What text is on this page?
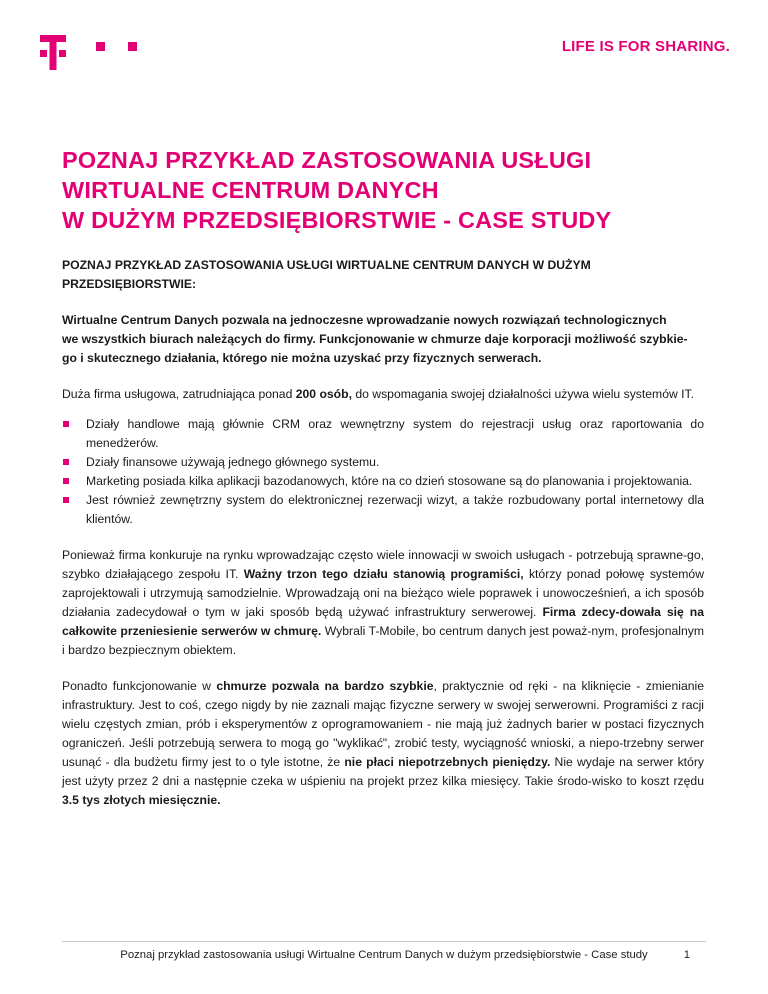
LIFE IS FOR SHARING.
POZNAJ PRZYKŁAD ZASTOSOWANIA USŁUGI
WIRTUALNE CENTRUM DANYCH
W DUŻYM PRZEDSIĘBIORSTWIE - CASE STUDY
POZNAJ PRZYKŁAD ZASTOSOWANIA USŁUGI WIRTUALNE CENTRUM DANYCH W DUŻYM
PRZEDSIĘBIORSTWIE:
Wirtualne Centrum Danych pozwala na jednoczesne wprowadzanie nowych rozwiązań technologicznych
we wszystkich biurach należących do firmy. Funkcjonowanie w chmurze daje korporacji możliwość szybkie-
go i skutecznego działania, którego nie można uzyskać przy fizycznych serwerach.

Duża firma usługowa, zatrudniająca ponad 200 osób, do wspomagania swojej działalności używa wielu systemów IT.

Działy handlowe mają głównie CRM oraz wewnętrzny system do rejestracji usług oraz raportowania do menedżerów.
Działy finansowe używają jednego głównego systemu.
Marketing posiada kilka aplikacji bazodanowych, które na co dzień stosowane są do planowania i projektowania.
Jest również zewnętrzny system do elektronicznej rezerwacji wizyt, a także rozbudowany portal internetowy dla klientów.

Ponieważ firma konkuruje na rynku wprowadzając często wiele innowacji w swoich usługach - potrzebują sprawne-go, szybko działającego zespołu IT. Ważny trzon tego działu stanowią programiści, którzy ponad połowę systemów zaprojektowali i utrzymują samodzielnie. Wprowadzają oni na bieżąco wiele poprawek i unowocześnień, a ich sposób działania zadecydował o tym w jaki sposób będą używać infrastruktury serwerowej. Firma zdecy-dowała się na całkowite przeniesienie serwerów w chmurę. Wybrali T-Mobile, bo centrum danych jest poważ-nym, profesjonalnym i bardzo bezpiecznym obiektem.

Ponadto funkcjonowanie w chmurze pozwala na bardzo szybkie, praktycznie od ręki - na kliknięcie - zmienianie infrastruktury. Jest to coś, czego nigdy by nie zaznali mając fizyczne serwery w swojej serwerowni. Programiści z racji wielu częstych zmian, prób i eksperymentów z oprogramowaniem - nie mają już żadnych barier w postaci fizycznych ograniczeń. Jeśli potrzebują serwera to mogą go "wyklikać", zrobić testy, wyciągność wnioski, a niepo-trzebny serwer usunąć - dla budżetu firmy jest to o tyle istotne, że nie płaci niepotrzebnych pieniędzy. Nie wydaje na serwer który jest użyty przez 2 dni a następnie czeka w uśpieniu na projekt przez kilka miesięcy. Takie środo-wisko to koszt rzędu 3.5 tys złotych miesięcznie.

Poznaj przykład zastosowania usługi Wirtualne Centrum Danych w dużym przedsiębiorstwie - Case study	1
